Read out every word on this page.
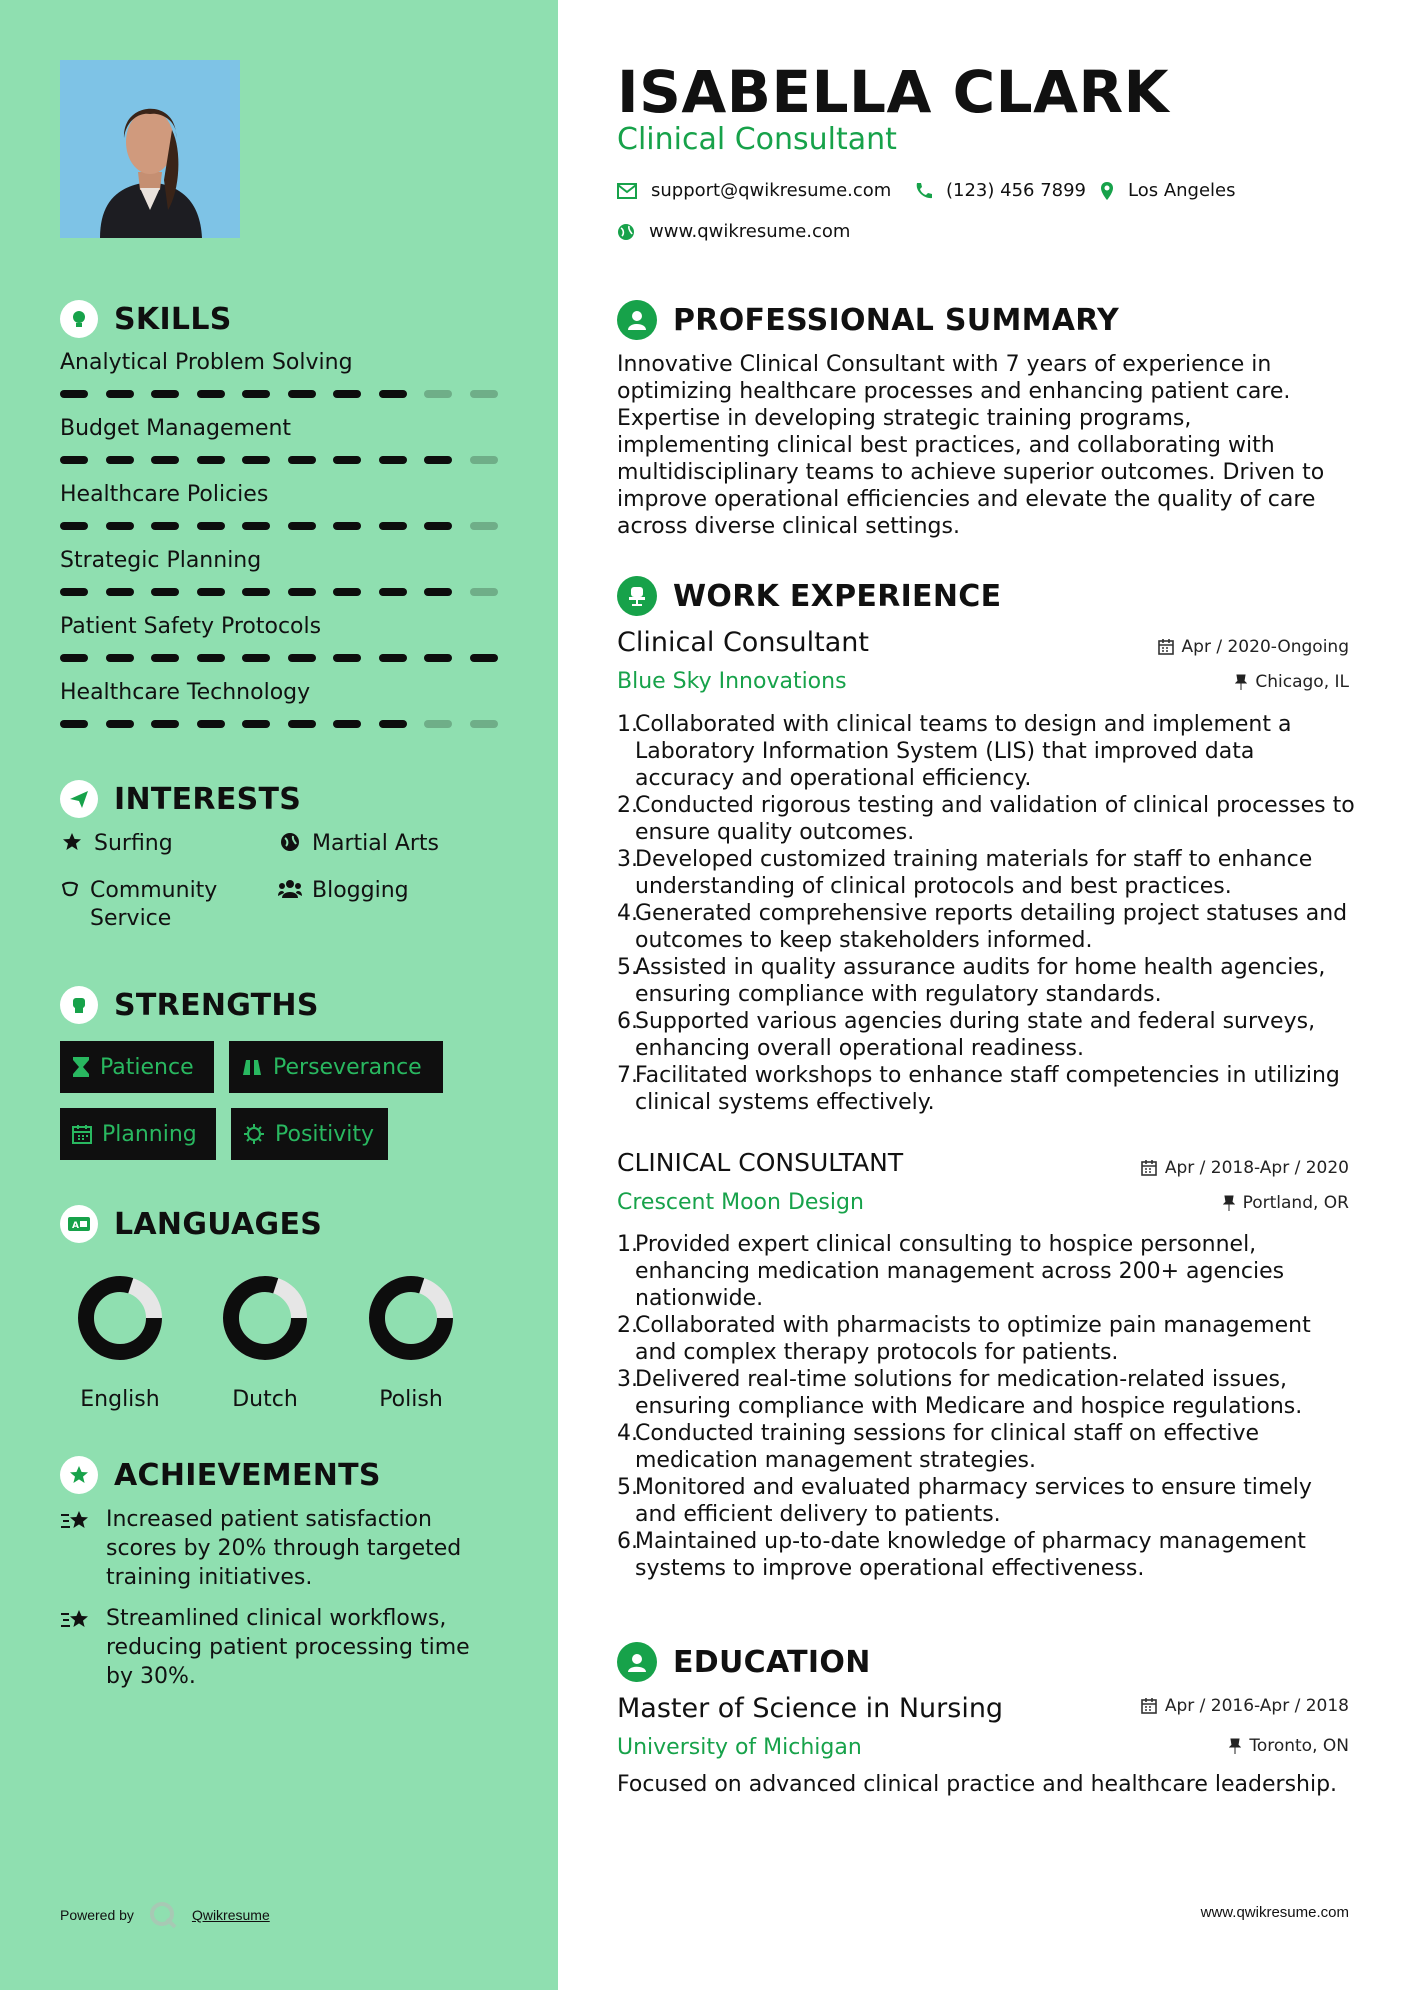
SKILLS
Analytical Problem Solving
Budget Management
Healthcare Policies
Strategic Planning
Patient Safety Protocols
Healthcare Technology
INTERESTS
Surfing	Martial Arts
Community Service
Blogging
STRENGTHS
Patience	Perseverance
Planning	Positivity
A LANGUAGES
English	Dutch	Polish
ACHIEVEMENTS
Increased patient satisfaction scores by 20% through targeted training initiatives.
Streamlined clinical workflows, reducing patient processing time by 30%.
Powered by	Qwikresume
ISABELLA CLARK
Clinical Consultant
support@qwikresume.com	(123) 456 7899 Los Angeles
www.qwikresume.com
PROFESSIONAL SUMMARY
Innovative Clinical Consultant with 7 years of experience in optimizing healthcare processes and enhancing patient care. Expertise in developing strategic training programs, implementing clinical best practices, and collaborating with multidisciplinary teams to achieve superior outcomes. Driven to improve operational efficiencies and elevate the quality of care across diverse clinical settings.
WORK EXPERIENCE
Clinical Consultant	Apr / 2020-Ongoing
Blue Sky Innovations	Chicago, IL
1.
Collaborated with clinical teams to design and implement a Laboratory Information System (LIS) that improved data accuracy and operational efficiency.
2.
Conducted rigorous testing and validation of clinical processes to ensure quality outcomes.
3.
Developed customized training materials for staff to enhance understanding of clinical protocols and best practices.
4.
Generated comprehensive reports detailing project statuses and outcomes to keep stakeholders informed.
5.
Assisted in quality assurance audits for home health agencies, ensuring compliance with regulatory standards.
6.
Supported various agencies during state and federal surveys, enhancing overall operational readiness.
7.
Facilitated workshops to enhance staff competencies in utilizing clinical systems effectively.
CLINICAL CONSULTANT	Apr / 2018-Apr / 2020
Crescent Moon Design	Portland, OR
1.
Provided expert clinical consulting to hospice personnel, enhancing medication management across 200+ agencies nationwide.
2.
Collaborated with pharmacists to optimize pain management and complex therapy protocols for patients.
3.
Delivered real-time solutions for medication-related issues, ensuring compliance with Medicare and hospice regulations.
4.
Conducted training sessions for clinical staff on effective medication management strategies.
5.
Monitored and evaluated pharmacy services to ensure timely and efficient delivery to patients.
6.
Maintained up-to-date knowledge of pharmacy management systems to improve operational effectiveness.
EDUCATION
Master of Science in Nursing	Apr / 2016-Apr / 2018
University of Michigan	Toronto, ON
Focused on advanced clinical practice and healthcare leadership.
www.qwikresume.com
